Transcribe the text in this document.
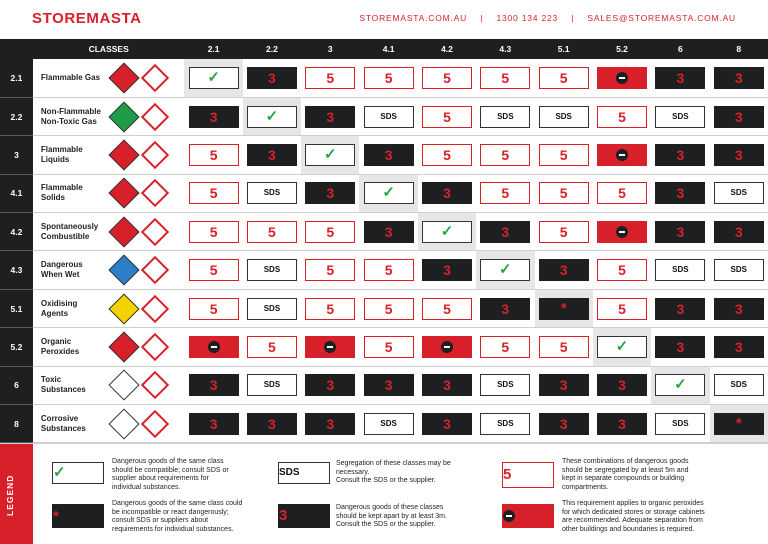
STOREMASTA	STOREMASTA.COM.AU | 1300 134 223 | SALES@STOREMASTA.COM.AU
	CLASSES	2.1	2.2	3	4.1	4.2	4.3	5.1	5.2	6	8
2.1	Flammable Gas	✓	3	5	5	5	5	5		3	3
2.2	Non-Flammable
Non-Toxic Gas	3	✓	3	SDS	5	SDS	SDS	5	SDS	3
3	Flammable
Liquids	5	3	✓	3	5	5	5		3	3
4.1	Flammable
Solids	5	SDS	3	✓	3	5	5	5	3	SDS
4.2	Spontaneously
Combustible	5	5	5	3	✓	3	5		3	3
4.3	Dangerous
When Wet	5	SDS	5	5	3	✓	3	5	SDS	SDS
5.1	Oxidising
Agents	5	SDS	5	5	5	3	*	5	3	3
5.2	Organic
Peroxides		5		5		5	5	✓	3	3
6	Toxic
Substances	3	SDS	3	3	3	SDS	3	3	✓	SDS
8	Corrosive
Substances	3	3	3	SDS	3	SDS	3	3	SDS	*
LEGEND
✓
Dangerous goods of the same class
should be compatible; consult SDS or
supplier about requirements for
individual substances.
*
Dangerous goods of the same class could
be incompatible or react dangerously;
consult SDS or suppliers about
requirements for individual substances.
SDS
Segregation of these classes may be
necessary.
Consult the SDS or the supplier.
3	Dangerous goods of these classes
should be kept apart by at least 3m.
Consult the SDS or the supplier.
5
These combinations of dangerous goods
should be segregated by at least 5m and
kept in separate compounds or building
compartments.
This requirement applies to organic peroxides
for which dedicated stores or storage cabinets
are recommended. Adequate separation from
other buildings and boundaries is required.
